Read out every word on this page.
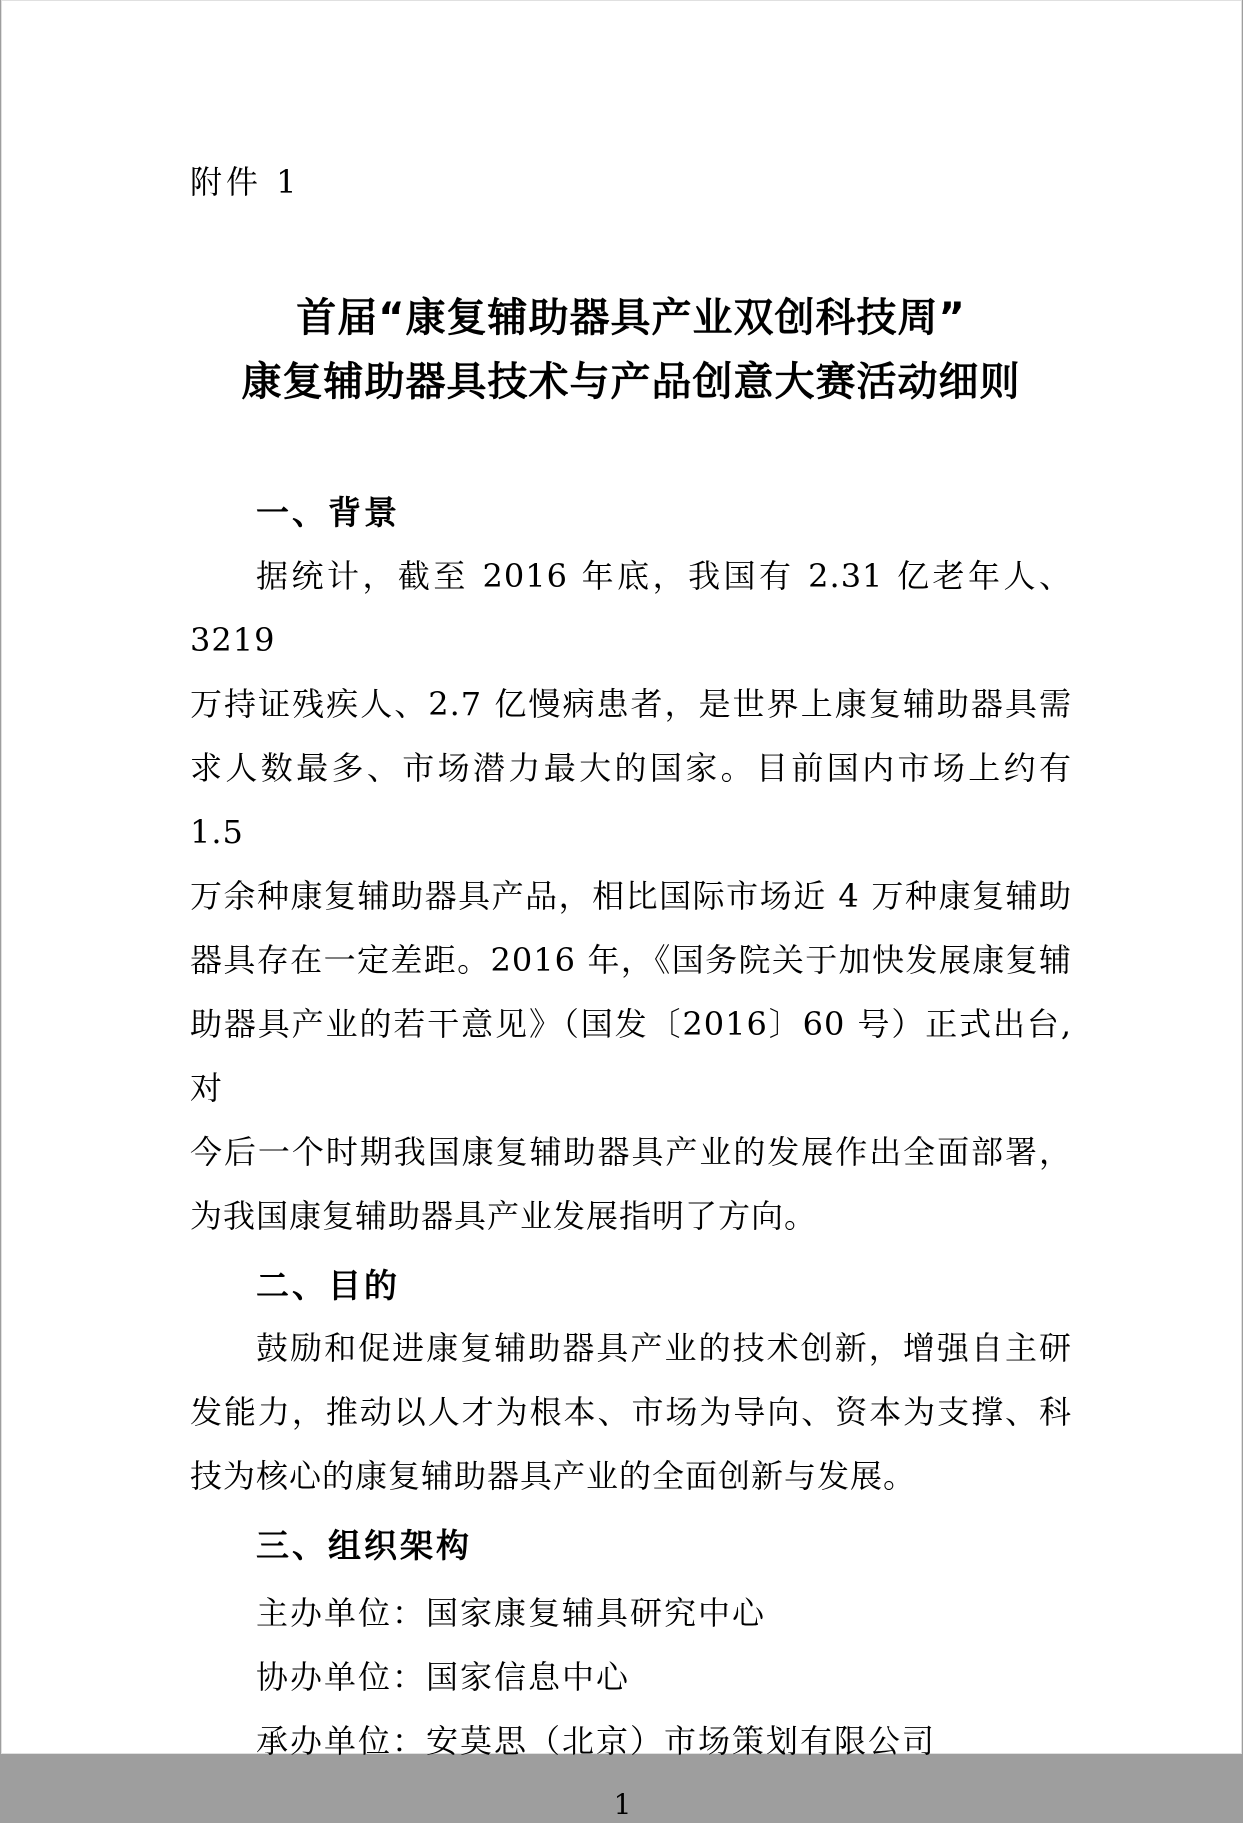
附件 1
首届“康复辅助器具产业双创科技周”
康复辅助器具技术与产品创意大赛活动细则
一、背景
据统计，截至 2016 年底，我国有 2.31 亿老年人、3219
万持证残疾人、2.7 亿慢病患者，是世界上康复辅助器具需
求人数最多、市场潜力最大的国家。目前国内市场上约有 1.5
万余种康复辅助器具产品，相比国际市场近 4 万种康复辅助
器具存在一定差距。2016 年，《国务院关于加快发展康复辅
助器具产业的若干意见》（国发〔2016〕60 号）正式出台,对
今后一个时期我国康复辅助器具产业的发展作出全面部署，
为我国康复辅助器具产业发展指明了方向。
二、目的
鼓励和促进康复辅助器具产业的技术创新，增强自主研
发能力，推动以人才为根本、市场为导向、资本为支撑、科
技为核心的康复辅助器具产业的全面创新与发展。
三、组织架构
主办单位：国家康复辅具研究中心
协办单位：国家信息中心
承办单位：安莫思（北京）市场策划有限公司
1
